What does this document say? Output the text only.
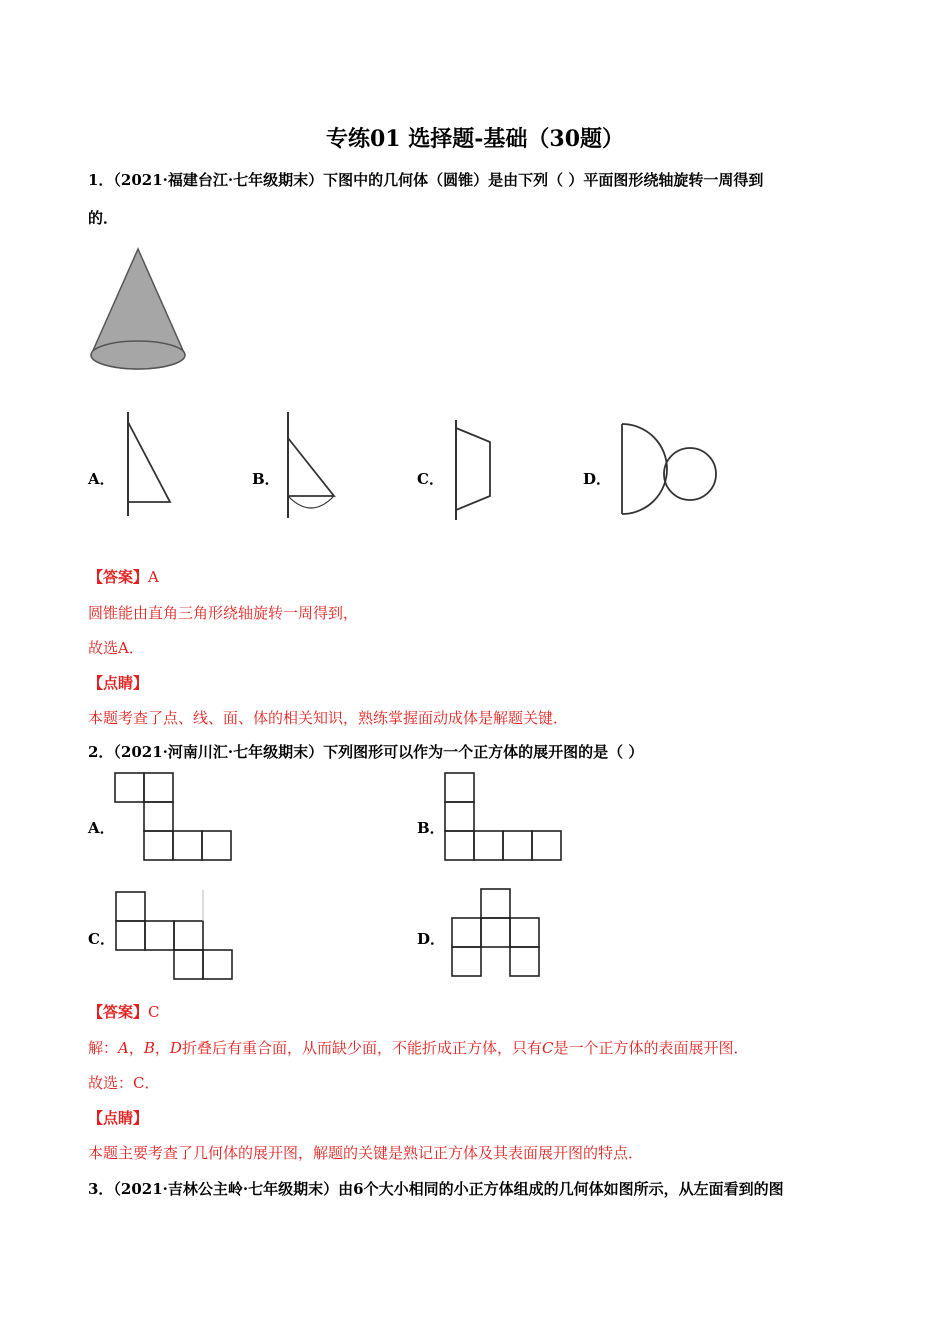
专练01 选择题-基础（30题）
1．（2021·福建台江·七年级期末）下图中的几何体（圆锥）是由下列（ ）平面图形绕轴旋转一周得到
的．
A．	B．	C．	D．
【答案】A
圆锥能由直角三角形绕轴旋转一周得到，
故选A．
【点睛】
本题考查了点、线、面、体的相关知识，熟练掌握面动成体是解题关键．
2．（2021·河南川汇·七年级期末）下列图形可以作为一个正方体的展开图的是（ ）
A．	B．
C．	D．
【答案】C
解：A，B，D折叠后有重合面，从而缺少面，不能折成正方体，只有C是一个正方体的表面展开图．
故选：C．
【点睛】
本题主要考查了几何体的展开图，解题的关键是熟记正方体及其表面展开图的特点．
3．（2021·吉林公主岭·七年级期末）由6个大小相同的小正方体组成的几何体如图所示，从左面看到的图
